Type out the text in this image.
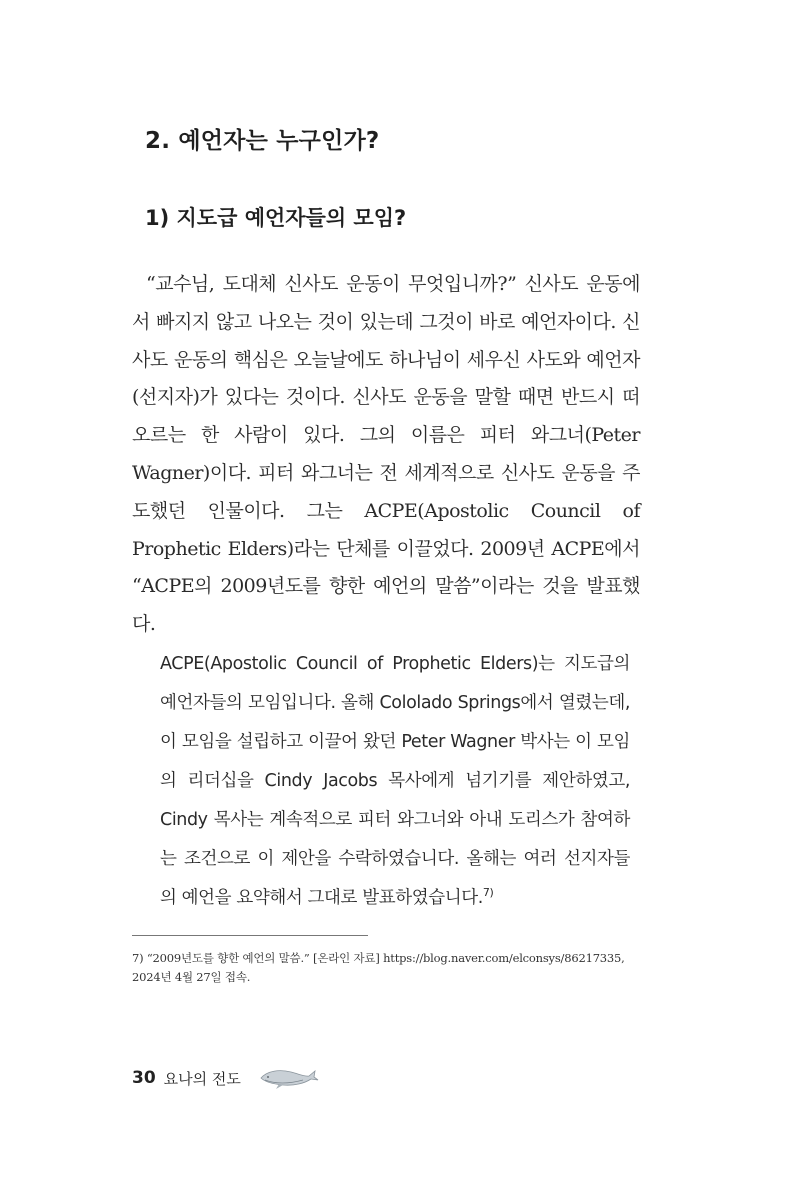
2. 예언자는 누구인가?
1) 지도급 예언자들의 모임?

“교수님, 도대체 신사도 운동이 무엇입니까?” 신사도 운동에서 빠지지 않고 나오는 것이 있는데 그것이 바로 예언자이다. 신사도 운동의 핵심은 오늘날에도 하나님이 세우신 사도와 예언자(선지자)가 있다는 것이다. 신사도 운동을 말할 때면 반드시 떠오르는 한 사람이 있다. 그의 이름은 피터 와그너(Peter Wagner)이다. 피터 와그너는 전 세계적으로 신사도 운동을 주도했던 인물이다. 그는 ACPE(Apostolic Council of Prophetic Elders)라는 단체를 이끌었다. 2009년 ACPE에서 “ACPE의 2009년도를 향한 예언의 말씀”이라는 것을 발표했다.

ACPE(Apostolic Council of Prophetic Elders)는 지도급의 예언자들의 모임입니다. 올해 Cololado Springs에서 열렸는데, 이 모임을 설립하고 이끌어 왔던 Peter Wagner 박사는 이 모임의 리더십을 Cindy Jacobs 목사에게 넘기기를 제안하였고, Cindy 목사는 계속적으로 피터 와그너와 아내 도리스가 참여하는 조건으로 이 제안을 수락하였습니다. 올해는 여러 선지자들의 예언을 요약해서 그대로 발표하였습니다.$^{7)}$

7) “2009년도를 향한 예언의 말씀.” [온라인 자료] https://blog.naver.com/elconsys/86217335, 2024년 4월 27일 접속.

30 요나의 전도
